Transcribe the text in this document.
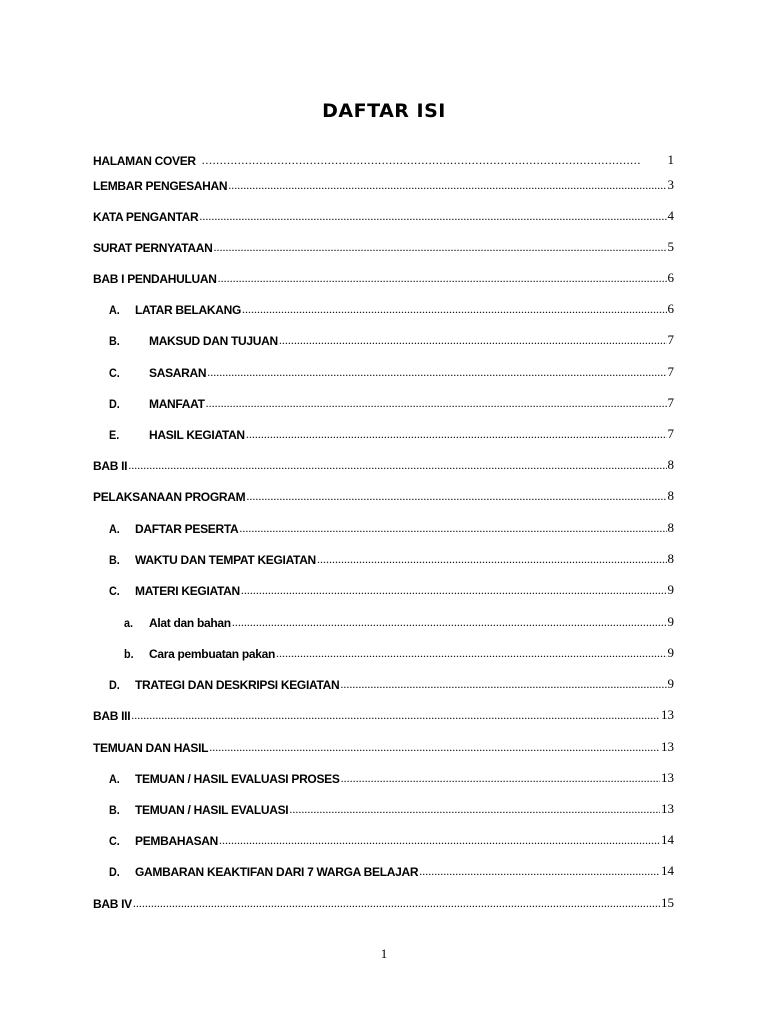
DAFTAR ISI
HALAMAN COVER . . .	1
LEMBAR PENGESAHAN .....	3
KATA PENGANTAR .....	4
SURAT PERNYATAAN .....	5
BAB I PENDAHULUAN .....	6
A.	LATAR BELAKANG .....	6
B.	MAKSUD DAN TUJUAN .....	7
C.	SASARAN .....	7
D.	MANFAAT .....	7
E.	HASIL KEGIATAN .....	7
BAB II .....	8
PELAKSANAAN PROGRAM .....	8
A.	DAFTAR PESERTA .....	8
B.	WAKTU DAN TEMPAT KEGIATAN .....	8
C.	MATERI KEGIATAN .....	9
a.	Alat dan bahan .....	9
b.	Cara pembuatan pakan .....	9
D.	TRATEGI DAN DESKRIPSI KEGIATAN .....	9
BAB III .....	13
TEMUAN DAN HASIL .....	13
A.	TEMUAN / HASIL EVALUASI PROSES .....	13
B.	TEMUAN / HASIL EVALUASI .....	13
C.	PEMBAHASAN .....	14
D.	GAMBARAN KEAKTIFAN DARI 7 WARGA BELAJAR .....	14
BAB IV .....	15
1
